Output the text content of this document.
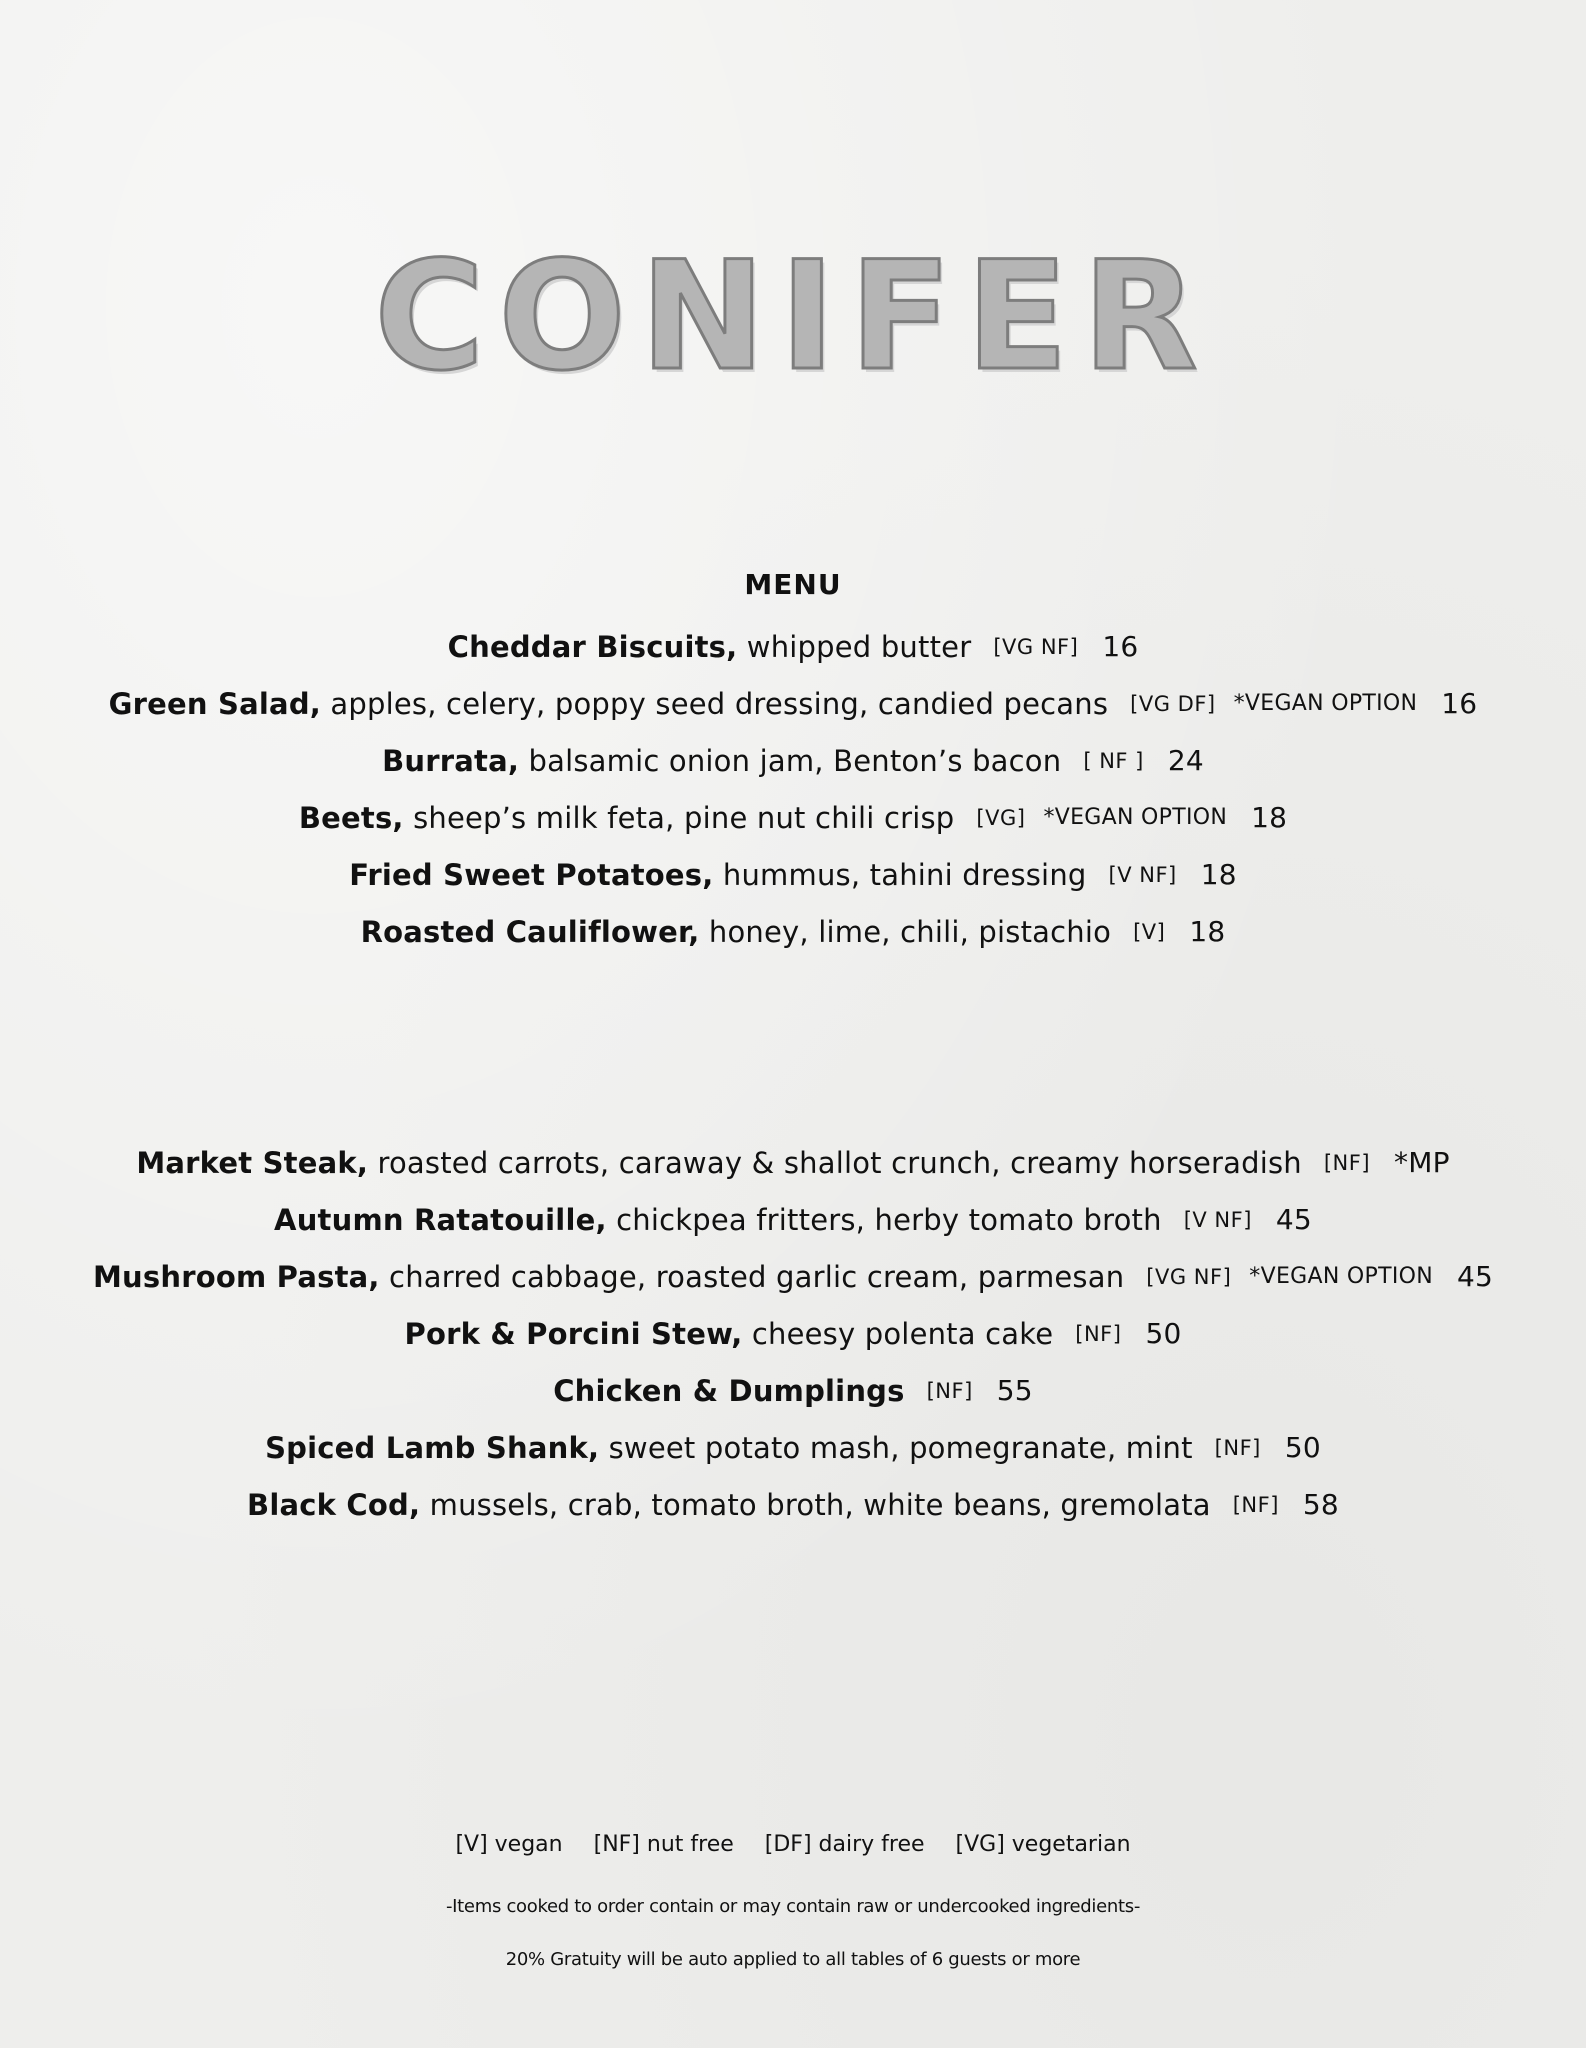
CONIFER
MENU
Cheddar Biscuits,
whipped butter [VG NF] 16
Green Salad,
apples, celery, poppy seed dressing, candied pecans [VG DF] *VEGAN OPTION 16
Burrata,
balsamic onion jam, Benton’s bacon [ NF ] 24
Beets,
sheep’s milk feta, pine nut chili crisp [VG] *VEGAN OPTION 18
Fried Sweet Potatoes,
hummus, tahini dressing [V NF] 18
Roasted Cauliflower,
honey, lime, chili, pistachio [V] 18
Market Steak,
roasted carrots, caraway & shallot crunch, creamy horseradish [NF] *MP
Autumn Ratatouille,
chickpea fritters, herby tomato broth [V NF] 45
Mushroom Pasta,
charred cabbage, roasted garlic cream, parmesan [VG NF] *VEGAN OPTION 45
Pork & Porcini Stew,
cheesy polenta cake [NF] 50
Chicken & Dumplings [NF] 55
Spiced Lamb Shank,
sweet potato mash, pomegranate, mint [NF] 50
Black Cod,
mussels, crab, tomato broth, white beans, gremolata [NF] 58
[V] vegan [NF] nut free [DF] dairy free [VG] vegetarian
-Items cooked to order contain or may contain raw or undercooked ingredients-
20% Gratuity will be auto applied to all tables of 6 guests or more
